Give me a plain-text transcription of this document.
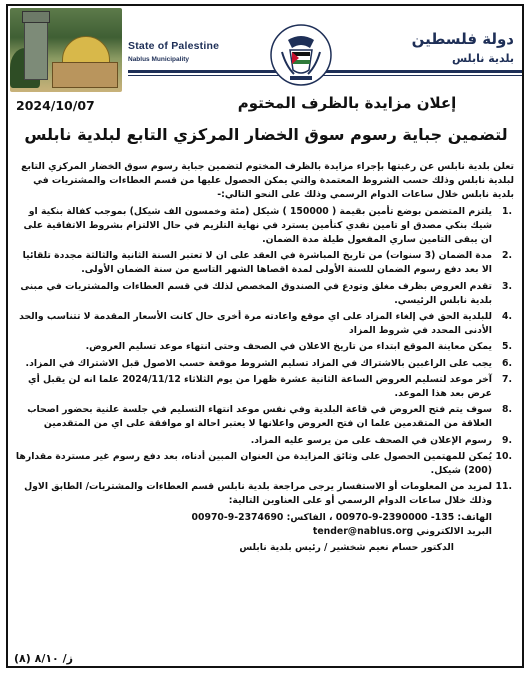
State of Palestine
Nablus Municipality
دولة فلسطين
بلدية نابلس
2024/10/07	إعلان مزايدة بالظرف المختوم
لتضمين جباية رسوم سوق الخضار المركزي التابع لبلدية نابلس

تعلن بلدية نابلس عن رغبتها بإجراء مزايدة بالظرف المختوم لتضمين جباية رسوم سوق الخضار المركزي التابع لبلدية نابلس وذلك حسب الشروط المعتمدة والتي يمكن الحصول عليها من قسم العطاءات والمشتريات في بلدية نابلس خلال ساعات الدوام الرسمي وذلك على النحو التالي:-

1.
يلتزم المتضمن بوضع تأمين بقيمة ( 150000 ) شيكل (مئة وخمسون الف شيكل) بموجب كفالة بنكية او شيك بنكي مصدق او تامين نقدي كتأمين يسترد في نهاية التلزيم في حال الالتزام بشروط الاتفاقية على ان يبقى التامين ساري المفعول طيلة مدة الضمان.
2.
مدة الضمان (3 سنوات) من تاريخ المباشرة في العقد على ان لا تعتبر السنة الثانية والثالثة مجددة تلقائيا الا بعد دفع رسوم الضمان للسنة الأولى لمدة اقصاها الشهر التاسع من سنة الضمان الأولى.
3.
تقدم العروض بظرف مغلق وتودع في الصندوق المخصص لذلك في قسم العطاءات والمشتريات في مبنى بلدية نابلس الرئيسي.
4.
للبلدية الحق في إلغاء المزاد على اي موقع واعادته مرة أخرى حال كانت الأسعار المقدمة لا تتناسب والحد الأدنى المحدد في شروط المزاد
5.
يمكن معاينة الموقع ابتداء من تاريخ الاعلان في الصحف وحتى انتهاء موعد تسليم العروض.
6.
يجب على الراغبين بالاشتراك في المزاد تسليم الشروط موقعة حسب الاصول قبل الاشتراك في المزاد.
7.
آخر موعد لتسليم العروض الساعة الثانية عشرة ظهرا من يوم الثلاثاء 2024/11/12 علما انه لن يقبل أي عرض بعد هذا الموعد.
8.
سوف يتم فتح العروض في قاعة البلدية وفي نفس موعد انتهاء التسليم في جلسة علنية بحضور اصحاب العلاقة من المتقدمين علما ان فتح العروض واعلانها لا يعتبر احالة او موافقة على اي من المتقدمين
9.
رسوم الإعلان في الصحف على من يرسو عليه المزاد.
10.
يُمكن للمهتمين الحصول على وثائق المزايدة من العنوان المبين أدناه، بعد دفع رسوم غير مستردة مقدارها (200) شيكل.
11.
لمزيد من المعلومات أو الاستفسار يرجى مراجعة بلدية نابلس قسم العطاءات والمشتريات/ الطابق الاول وذلك خلال ساعات الدوام الرسمي أو على العناوين التالية:
الهاتف: 135- 2390000-9-00970 ، الفاكس: 2374690-9-00970
البريد الالكتروني tender@nablus.org
الدكتور حسام نعيم شخشير / رئيس بلدية نابلس
ز/ ٨/١٠ (٨)
